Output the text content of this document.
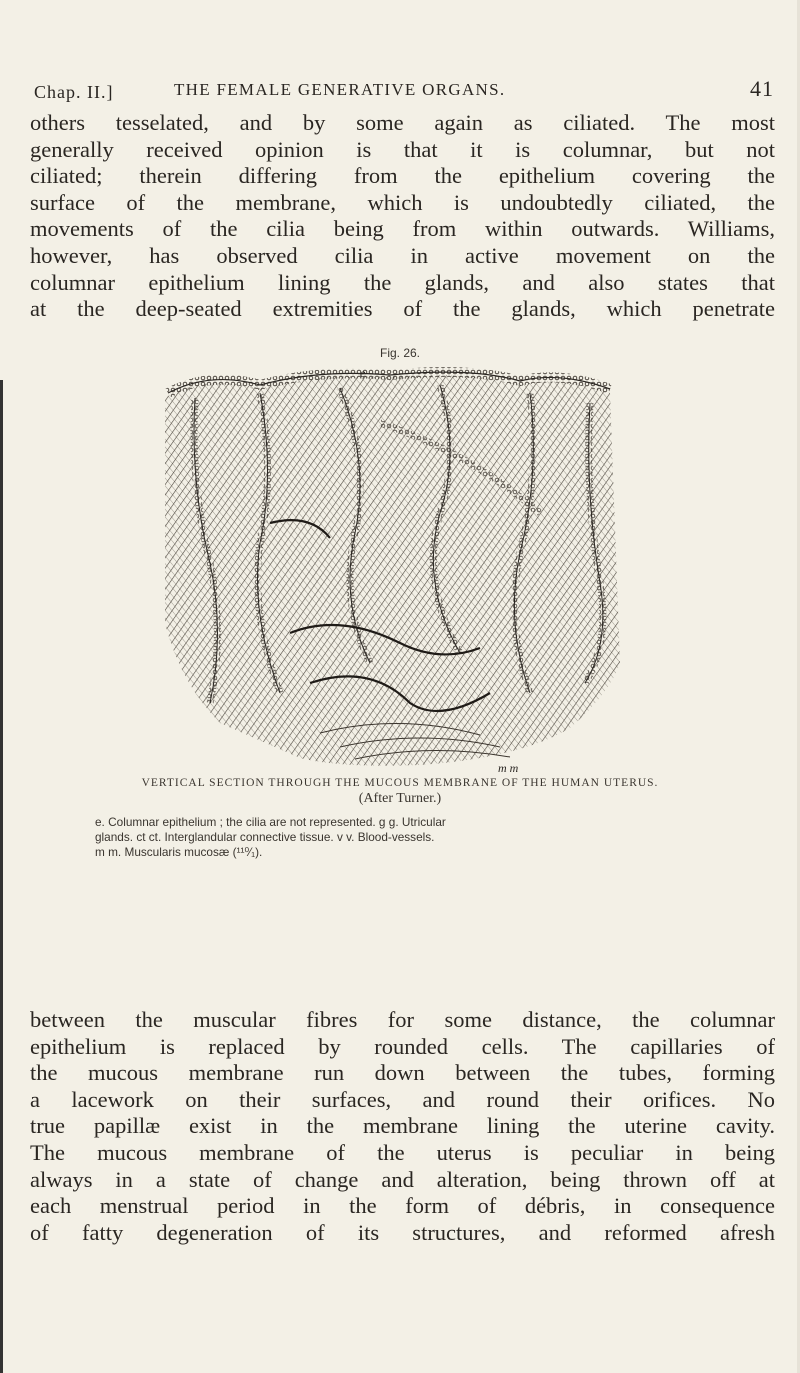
Chap. II.]	THE FEMALE GENERATIVE ORGANS.	41
others tesselated, and by some again as ciliated. The most
generally received opinion is that it is columnar, but not
ciliated; therein differing from the epithelium covering the
surface of the membrane, which is undoubtedly ciliated, the
movements of the cilia being from within outwards. Williams,
however, has observed cilia in active movement on the
columnar epithelium lining the glands, and also states that
at the deep-seated extremities of the glands, which penetrate
Fig. 26.
e
m m
VERTICAL SECTION THROUGH THE MUCOUS MEMBRANE OF THE HUMAN UTERUS.
(After Turner.)
e. Columnar epithelium ; the cilia are not represented. g g. Utricular
glands. ct ct. Interglandular connective tissue. v v. Blood-vessels.
m m. Muscularis mucosæ (¹¹⁰⁄₁).
between the muscular fibres for some distance, the columnar
epithelium is replaced by rounded cells. The capillaries of
the mucous membrane run down between the tubes, forming
a lacework on their surfaces, and round their orifices. No
true papillæ exist in the membrane lining the uterine cavity.
The mucous membrane of the uterus is peculiar in being
always in a state of change and alteration, being thrown off at
each menstrual period in the form of débris, in consequence
of fatty degeneration of its structures, and reformed afresh
